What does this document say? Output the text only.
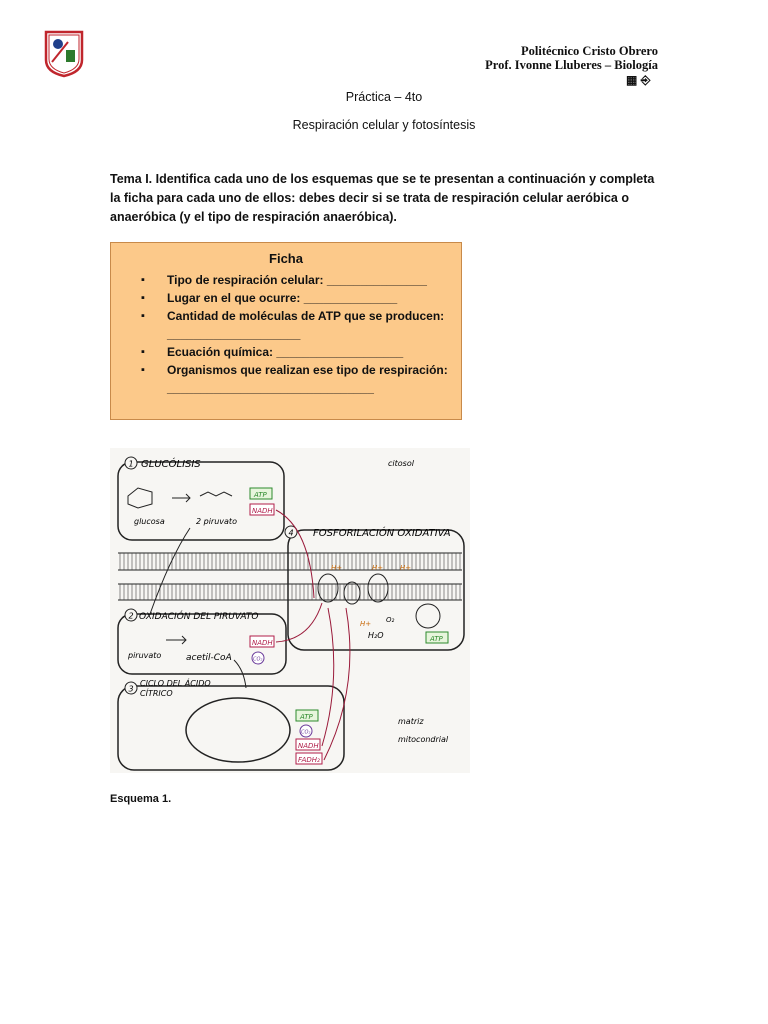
Politécnico Cristo Obrero
Prof. Ivonne Lluberes – Biología
▦ ⎆
Práctica – 4to
Respiración celular y fotosíntesis
Tema I. Identifica cada uno de los esquemas que se te presentan a continuación y completa la ficha para cada uno de ellos: debes decir si se trata de respiración celular aeróbica o anaeróbica (y el tipo de respiración anaeróbica).
Ficha
▪ Tipo de respiración celular: _______________
▪ Lugar en el que ocurre: ______________
▪ Cantidad de moléculas de ATP que se producen: ____________________
▪ Ecuación química: ___________________
▪ Organismos que realizan ese tipo de respiración: _______________________________
1 GLUCÓLISIS	citosol
glucosa	2 piruvato
ATP
NADH
4 FOSFORILACIÓN OXIDATIVA
H+	H+ H+
H+ O₂
H₂O	ATP
2 OXIDACIÓN DEL PIRUVATO
piruvato	acetil-CoA
NADH
CO₂
3
CICLO DEL ÁCIDO
CÍTRICO
ATP
CO₂
NADH
FADH₂
matriz
mitocondrial
Esquema 1.
